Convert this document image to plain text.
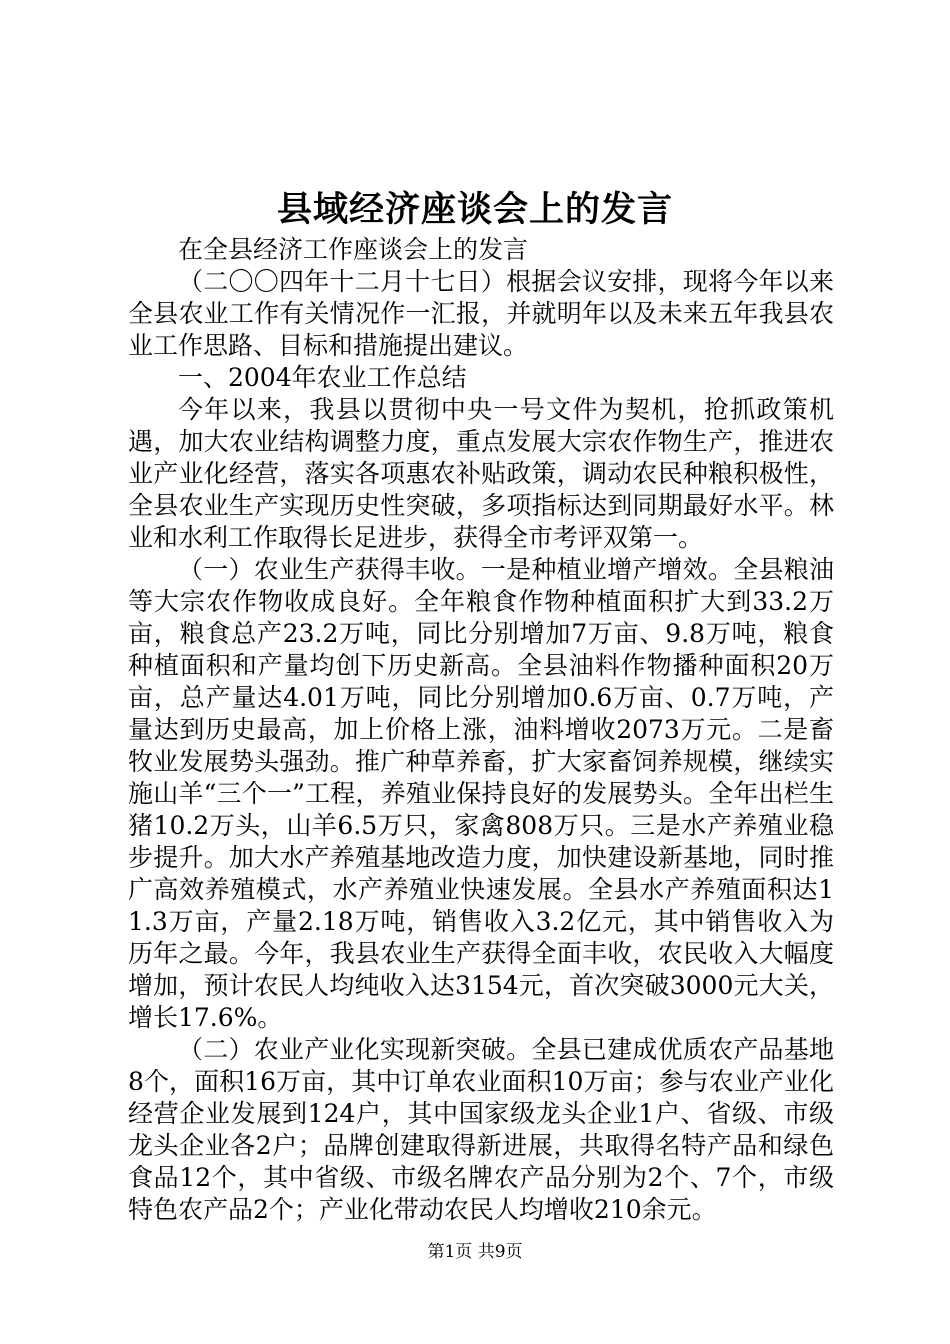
县域经济座谈会上的发言

在全县经济工作座谈会上的发言

（二〇〇四年十二月十七日）根据会议安排，现将今年以来全县农业工作有关情况作一汇报，并就明年以及未来五年我县农业工作思路、目标和措施提出建议。

一、2004年农业工作总结

今年以来，我县以贯彻中央一号文件为契机，抢抓政策机遇，加大农业结构调整力度，重点发展大宗农作物生产，推进农业产业化经营，落实各项惠农补贴政策，调动农民种粮积极性，全县农业生产实现历史性突破，多项指标达到同期最好水平。林业和水利工作取得长足进步，获得全市考评双第一。

（一）农业生产获得丰收。一是种植业增产增效。全县粮油等大宗农作物收成良好。全年粮食作物种植面积扩大到33.2万亩，粮食总产23.2万吨，同比分别增加7万亩、9.8万吨，粮食种植面积和产量均创下历史新高。全县油料作物播种面积20万亩，总产量达4.01万吨，同比分别增加0.6万亩、0.7万吨，产量达到历史最高，加上价格上涨，油料增收2073万元。二是畜牧业发展势头强劲。推广种草养畜，扩大家畜饲养规模，继续实施山羊“三个一”工程，养殖业保持良好的发展势头。全年出栏生猪10.2万头，山羊6.5万只，家禽808万只。三是水产养殖业稳步提升。加大水产养殖基地改造力度，加快建设新基地，同时推广高效养殖模式，水产养殖业快速发展。全县水产养殖面积达11.3万亩，产量2.18万吨，销售收入3.2亿元，其中销售收入为历年之最。今年，我县农业生产获得全面丰收，农民收入大幅度增加，预计农民人均纯收入达3154元，首次突破3000元大关，增长17.6%。

（二）农业产业化实现新突破。全县已建成优质农产品基地8个，面积16万亩，其中订单农业面积10万亩；参与农业产业化经营企业发展到124户，其中国家级龙头企业1户、省级、市级龙头企业各2户；品牌创建取得新进展，共取得名特产品和绿色食品12个，其中省级、市级名牌农产品分别为2个、7个，市级特色农产品2个；产业化带动农民人均增收210余元。

第1页 共9页
